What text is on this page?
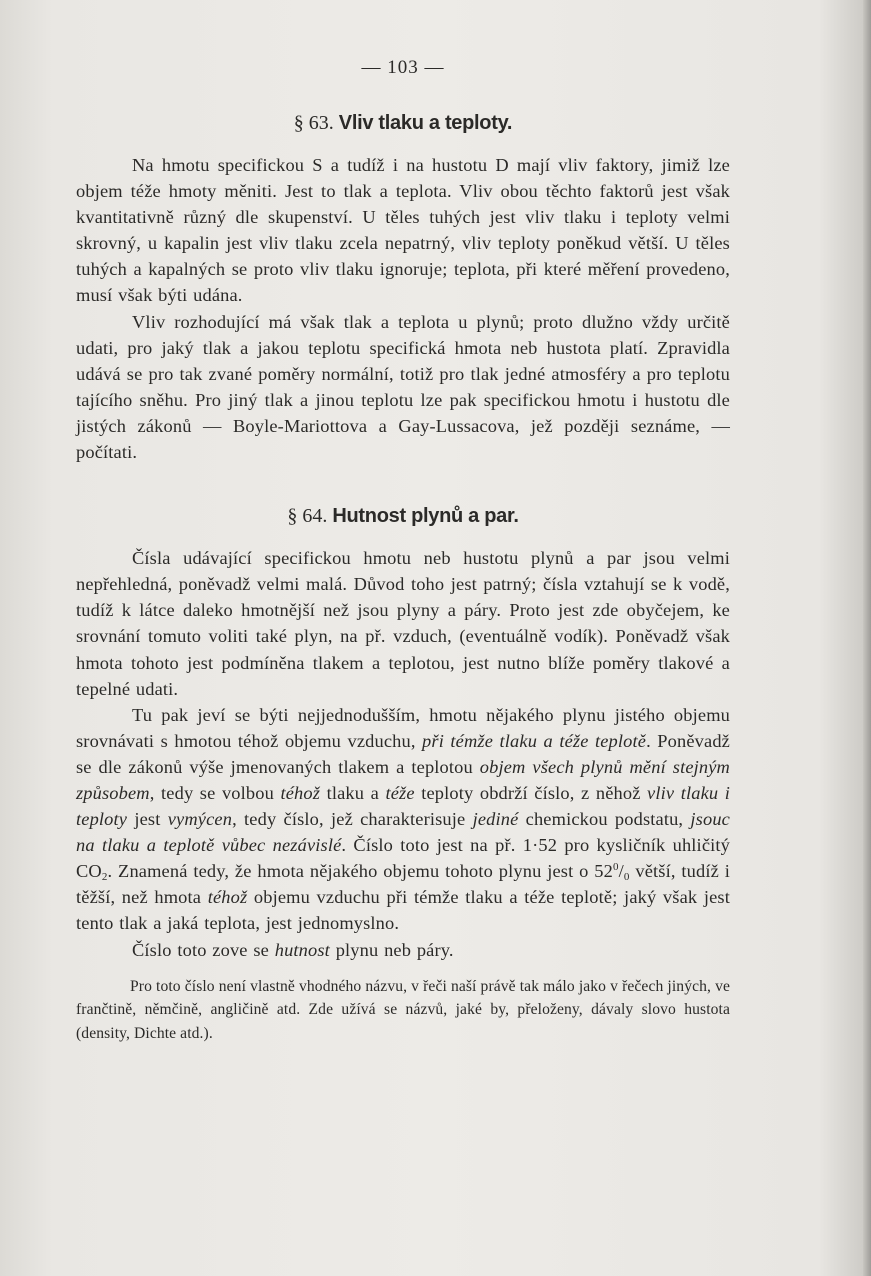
— 103 —
§ 63. Vliv tlaku a teploty.

Na hmotu specifickou S a tudíž i na hustotu D mají vliv faktory, jimiž lze objem téže hmoty měniti. Jest to tlak a teplota. Vliv obou těchto faktorů jest však kvantitativně různý dle skupenství. U těles tuhých jest vliv tlaku i teploty velmi skrovný, u kapalin jest vliv tlaku zcela nepatrný, vliv teploty poněkud větší. U těles tuhých a kapalných se proto vliv tlaku ignoruje; teplota, při které měření provedeno, musí však býti udána.

Vliv rozhodující má však tlak a teplota u plynů; proto dlužno vždy určitě udati, pro jaký tlak a jakou teplotu specifická hmota neb hustota platí. Zpravidla udává se pro tak zvané poměry normální, totiž pro tlak jedné atmosféry a pro teplotu tajícího sněhu. Pro jiný tlak a jinou teplotu lze pak specifickou hmotu i hustotu dle jistých zákonů — Boyle-Mariottova a Gay-Lussacova, jež později seznáme, — počítati.

§ 64. Hutnost plynů a par.

Čísla udávající specifickou hmotu neb hustotu plynů a par jsou velmi nepřehledná, poněvadž velmi malá. Důvod toho jest patrný; čísla vztahují se k vodě, tudíž k látce daleko hmotnější než jsou plyny a páry. Proto jest zde obyčejem, ke srovnání tomuto voliti také plyn, na př. vzduch, (eventuálně vodík). Poněvadž však hmota tohoto jest podmíněna tlakem a teplotou, jest nutno blíže poměry tlakové a tepelné udati.

Tu pak jeví se býti nejjednodušším, hmotu nějakého plynu jistého objemu srovnávati s hmotou téhož objemu vzduchu, při témže tlaku a téže teplotě. Poněvadž se dle zákonů výše jmenovaných tlakem a teplotou objem všech plynů mění stejným způsobem, tedy se volbou téhož tlaku a téže teploty obdrží číslo, z něhož vliv tlaku i teploty jest vymýcen, tedy číslo, jež charakterisuje jediné chemickou podstatu, jsouc na tlaku a teplotě vůbec nezávislé. Číslo toto jest na př. 1·52 pro kysličník uhličitý $CO_2$. Znamená tedy, že hmota nějakého objemu tohoto plynu jest o $52^0/_0$ větší, tudíž i těžší, než hmota téhož objemu vzduchu při témže tlaku a téže teplotě; jaký však jest tento tlak a jaká teplota, jest jednomyslno.

Číslo toto zove se hutnost plynu neb páry.

Pro toto číslo není vlastně vhodného názvu, v řeči naší právě tak málo jako v řečech jiných, ve frančtině, němčině, angličině atd. Zde užívá se názvů, jaké by, přeloženy, dávaly slovo hustota (density, Dichte atd.).
